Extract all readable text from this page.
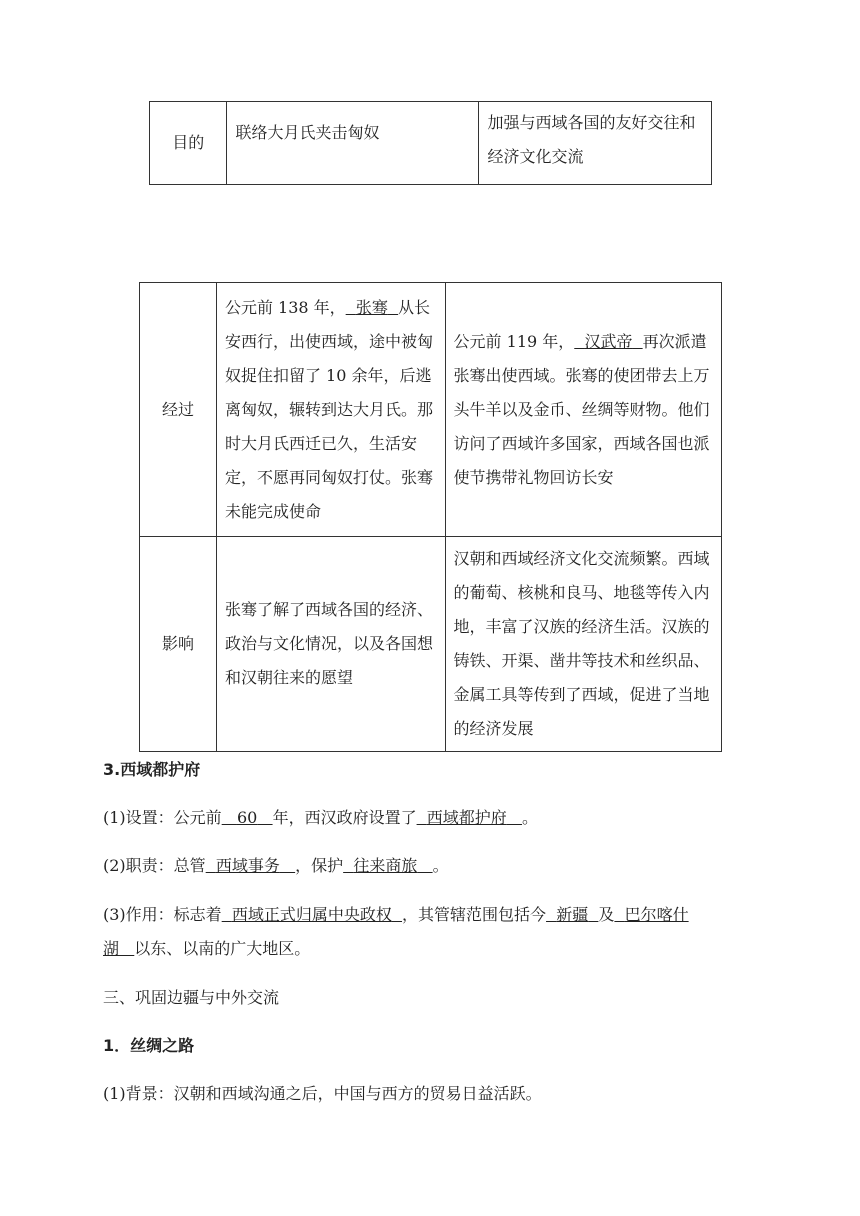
目的	联络大月氏夹击匈奴	加强与西域各国的友好交往和经济文化交流
经过	公元前 138 年， 张骞 从长安西行，出使西域，途中被匈奴捉住扣留了 10 余年，后逃离匈奴，辗转到达大月氏。那时大月氏西迁已久，生活安定，不愿再同匈奴打仗。张骞未能完成使命	公元前 119 年， 汉武帝 再次派遣张骞出使西域。张骞的使团带去上万头牛羊以及金币、丝绸等财物。他们访问了西域许多国家，西域各国也派使节携带礼物回访长安
影响	张骞了解了西域各国的经济、政治与文化情况，以及各国想和汉朝往来的愿望	汉朝和西域经济文化交流频繁。西域的葡萄、核桃和良马、地毯等传入内地，丰富了汉族的经济生活。汉族的铸铁、开渠、凿井等技术和丝织品、金属工具等传到了西域，促进了当地的经济发展
3.西域都护府
(1)设置：公元前 60 年，西汉政府设置了 西域都护府 。
(2)职责：总管 西域事务 ，保护 往来商旅 。
(3)作用：标志着 西域正式归属中央政权 ，其管辖范围包括今 新疆 及 巴尔喀什
湖 以东、以南的广大地区。
三、巩固边疆与中外交流
1．丝绸之路
(1)背景：汉朝和西域沟通之后，中国与西方的贸易日益活跃。
